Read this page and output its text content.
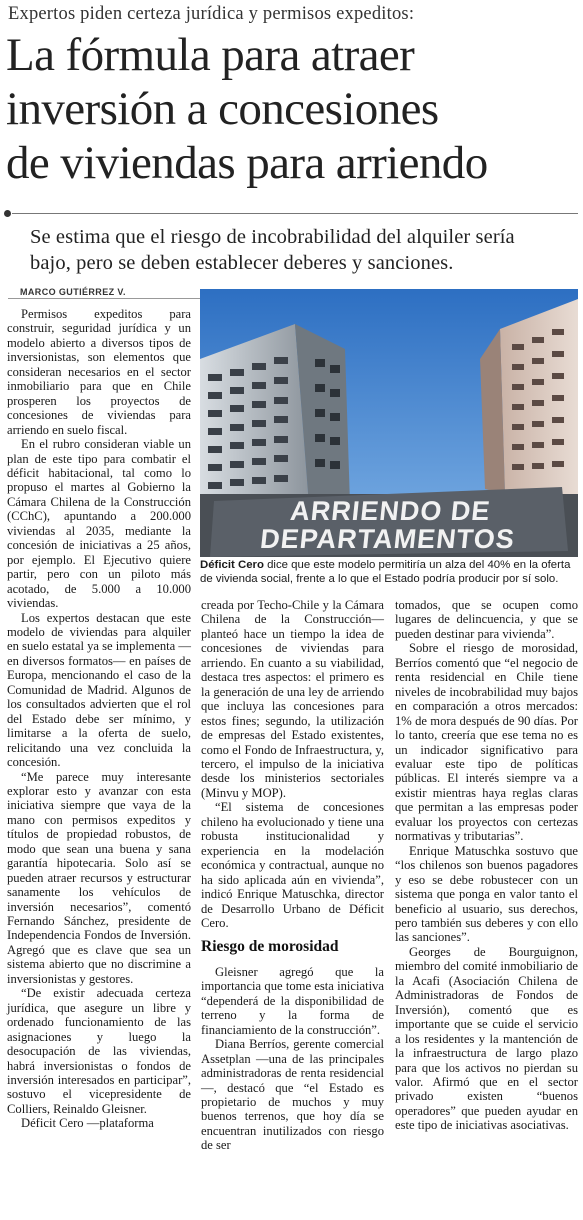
Expertos piden certeza jurídica y permisos expeditos:
La fórmula para atraer
inversión a concesiones
de viviendas para arriendo
Se estima que el riesgo de incobrabilidad del alquiler sería
bajo, pero se deben establecer deberes y sanciones.
MARCO GUTIÉRREZ V.
ARRIENDO DE
DEPARTAMENTOS
Déficit Cero dice que este modelo permitiría un alza del 40% en la oferta de vivienda social, frente a lo que el Estado podría producir por sí solo.

Permisos expeditos para construir, seguridad jurídica y un modelo abierto a diversos tipos de inversionistas, son elementos que consideran necesarios en el sector inmobiliario para que en Chile prosperen los proyectos de concesiones de viviendas para arriendo en suelo fiscal.

En el rubro consideran viable un plan de este tipo para combatir el déficit habitacional, tal como lo propuso el martes al Gobierno la Cámara Chilena de la Construcción (CChC), apuntando a 200.000 viviendas al 2035, mediante la concesión de iniciativas a 25 años, por ejemplo. El Ejecutivo quiere partir, pero con un piloto más acotado, de 5.000 a 10.000 viviendas.

Los expertos destacan que este modelo de viviendas para alquiler en suelo estatal ya se implementa —en diversos formatos— en países de Europa, mencionando el caso de la Comunidad de Madrid. Algunos de los consultados advierten que el rol del Estado debe ser mínimo, y limitarse a la oferta de suelo, relicitando una vez concluida la concesión.

“Me parece muy interesante explorar esto y avanzar con esta iniciativa siempre que vaya de la mano con permisos expeditos y títulos de propiedad robustos, de modo que sean una buena y sana garantía hipotecaria. Solo así se pueden atraer recursos y estructurar sanamente los vehículos de inversión necesarios”, comentó Fernando Sánchez, presidente de Independencia Fondos de Inversión. Agregó que es clave que sea un sistema abierto que no discrimine a inversionistas y gestores.

“De existir adecuada certeza jurídica, que asegure un libre y ordenado funcionamiento de las asignaciones y luego la desocupación de las viviendas, habrá inversionistas o fondos de inversión interesados en participar”, sostuvo el vicepresidente de Colliers, Reinaldo Gleisner.

Déficit Cero —plataforma

creada por Techo-Chile y la Cámara Chilena de la Construcción— planteó hace un tiempo la idea de concesiones de viviendas para arriendo. En cuanto a su viabilidad, destaca tres aspectos: el primero es la generación de una ley de arriendo que incluya las concesiones para estos fines; segundo, la utilización de empresas del Estado existentes, como el Fondo de Infraestructura, y, tercero, el impulso de la iniciativa desde los ministerios sectoriales (Minvu y MOP).

“El sistema de concesiones chileno ha evolucionado y tiene una robusta institucionalidad y experiencia en la modelación económica y contractual, aunque no ha sido aplicada aún en vivienda”, indicó Enrique Matuschka, director de Desarrollo Urbano de Déficit Cero.

Riesgo de morosidad

Gleisner agregó que la importancia que tome esta iniciativa “dependerá de la disponibilidad de terreno y la forma de financiamiento de la construcción”.

Diana Berríos, gerente comercial Assetplan —una de las principales administradoras de renta residencial—, destacó que “el Estado es propietario de muchos y muy buenos terrenos, que hoy día se encuentran inutilizados con riesgo de ser

tomados, que se ocupen como lugares de delincuencia, y que se pueden destinar para vivienda”.

Sobre el riesgo de morosidad, Berríos comentó que “el negocio de renta residencial en Chile tiene niveles de incobrabilidad muy bajos en comparación a otros mercados: 1% de mora después de 90 días. Por lo tanto, creería que ese tema no es un indicador significativo para evaluar este tipo de políticas públicas. El interés siempre va a existir mientras haya reglas claras que permitan a las empresas poder evaluar los proyectos con certezas normativas y tributarias”.

Enrique Matuschka sostuvo que “los chilenos son buenos pagadores y eso se debe robustecer con un sistema que ponga en valor tanto el beneficio al usuario, sus derechos, pero también sus deberes y con ello las sanciones”.

Georges de Bourguignon, miembro del comité inmobiliario de la Acafi (Asociación Chilena de Administradoras de Fondos de Inversión), comentó que es importante que se cuide el servicio a los residentes y la mantención de la infraestructura de largo plazo para que los activos no pierdan su valor. Afirmó que en el sector privado existen “buenos operadores” que pueden ayudar en este tipo de iniciativas asociativas.
